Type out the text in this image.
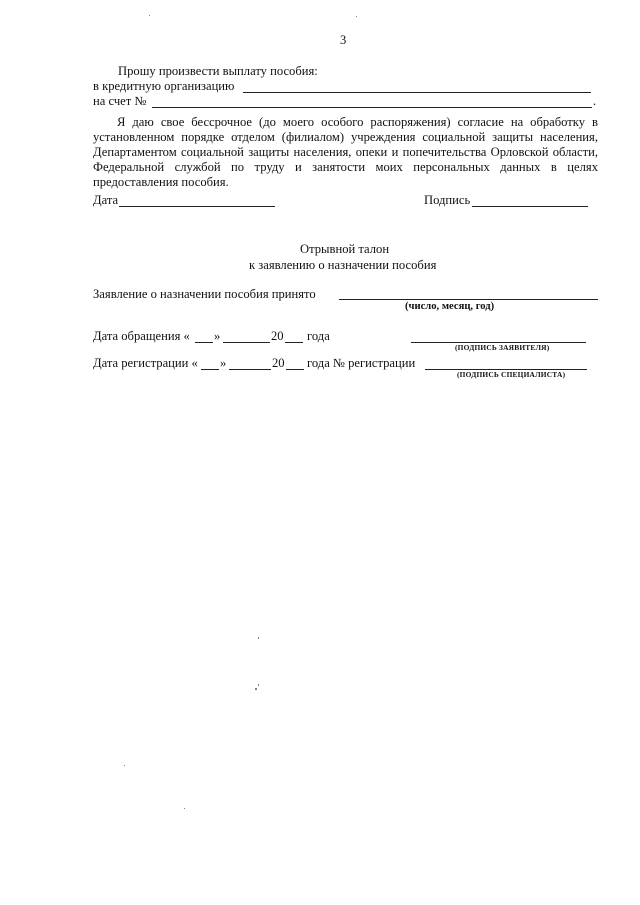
3
Прошу произвести выплату пособия:
в кредитную организацию
на счет №	.
Я даю свое бессрочное (до моего особого распоряжения) согласие на обработку в установленном порядке отделом (филиалом) учреждения социальной защиты населения, Департаментом социальной защиты населения, опеки и попечительства Орловской области, Федеральной службой по труду и занятости моих персональных данных в целях предоставления пособия.
Дата	Подпись
Отрывной талон
к заявлению о назначении пособия
Заявление о назначении пособия принято
(число, месяц, год)
Дата обращения « »	20 года
(ПОДПИСЬ ЗАЯВИТЕЛЯ)
Дата регистрации « »	20 года № регистрации
(ПОДПИСЬ СПЕЦИАЛИСТА)
